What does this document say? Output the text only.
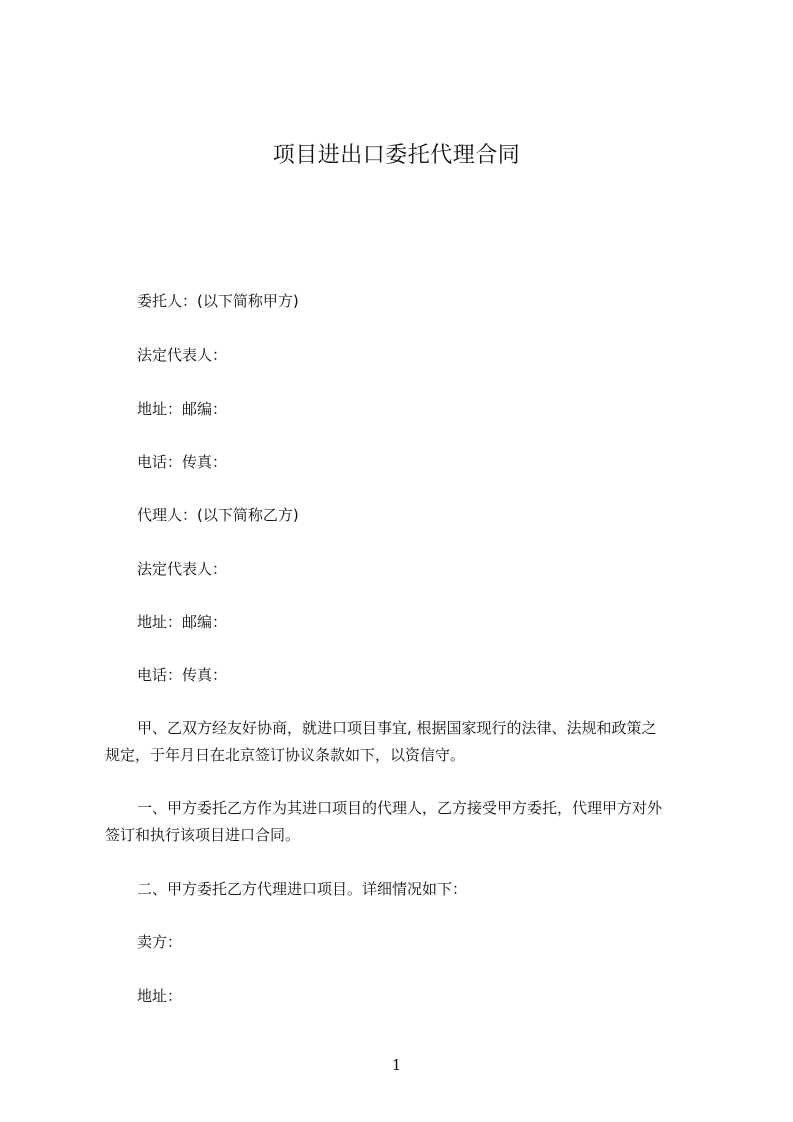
项目进出口委托代理合同
委托人：(以下简称甲方)
法定代表人：
地址：邮编：
电话：传真：
代理人：(以下简称乙方)
法定代表人：
地址：邮编：
电话：传真：
甲、乙双方经友好协商，就进口项目事宜, 根据国家现行的法律、法规和政策之
规定，于年月日在北京签订协议条款如下，以资信守。
一、甲方委托乙方作为其进口项目的代理人，乙方接受甲方委托，代理甲方对外
签订和执行该项目进口合同。
二、甲方委托乙方代理进口项目。详细情况如下：
卖方：
地址：
1
